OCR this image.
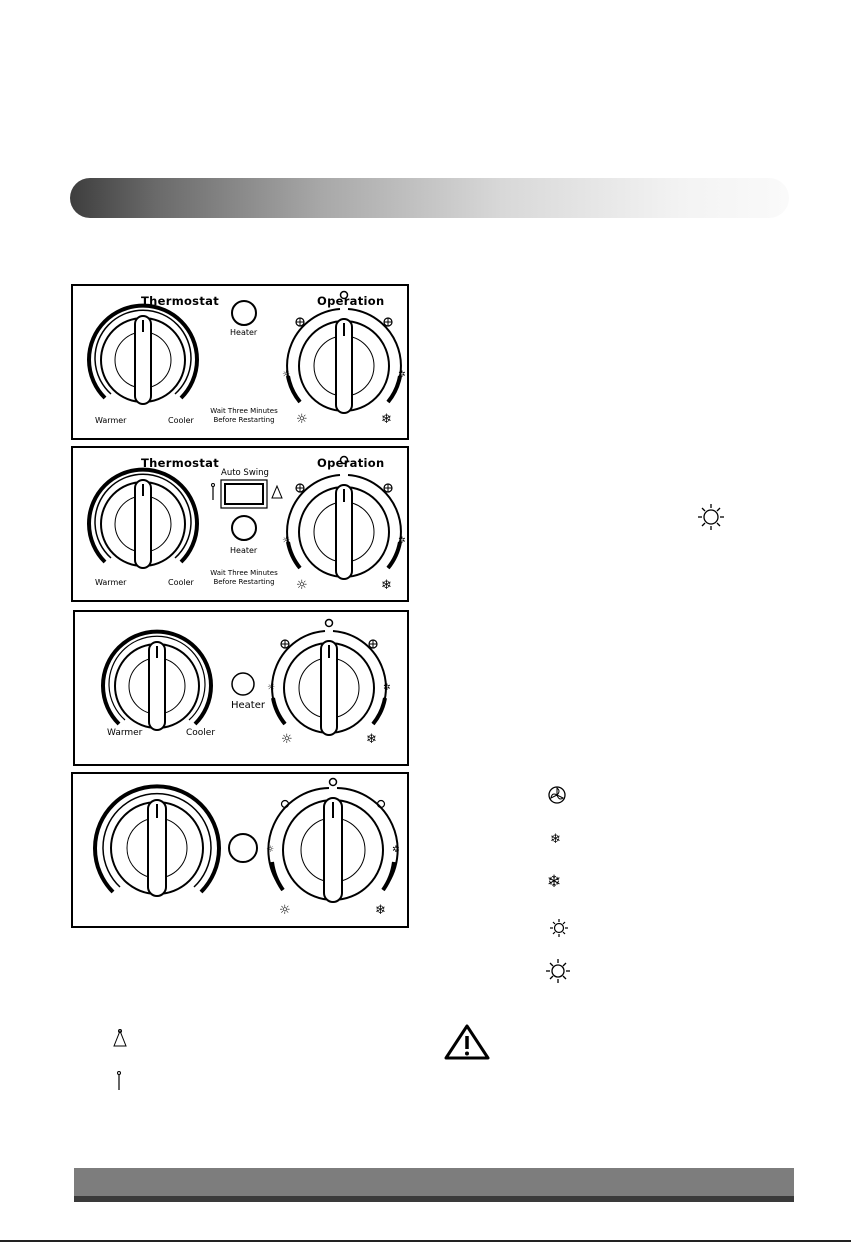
☼	✲
☼	❄
Thermostat	Operation
Heater
Warmer	Cooler
Wait Three Minutes
Before Restarting
☼	✲
☼	❄
Thermostat	Operation
Auto Swing
Heater
Warmer	Cooler
Wait Three Minutes
Before Restarting
☼	✲
☼	❄
Heater
Warmer	Cooler
☼	✲
☼	❄
❄
❄
